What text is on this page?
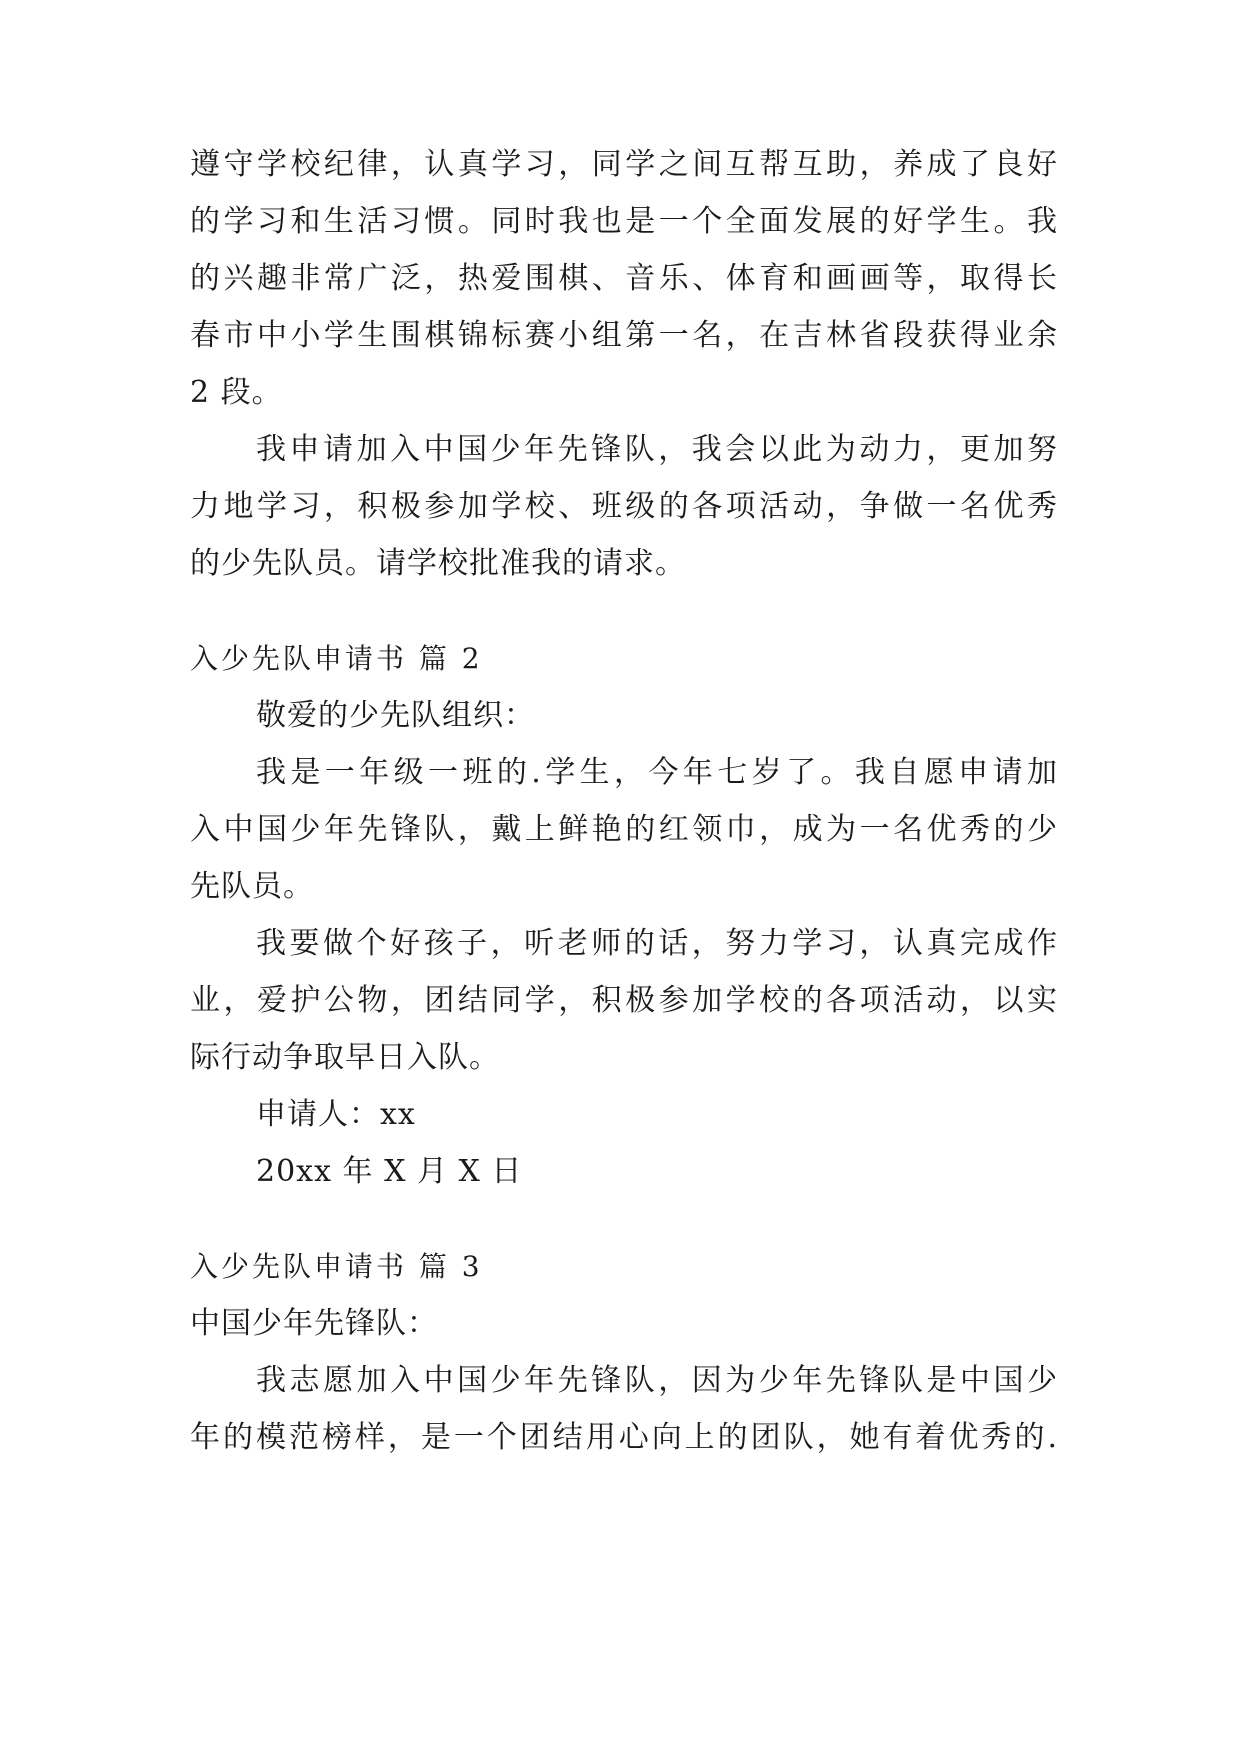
遵守学校纪律，认真学习，同学之间互帮互助，养成了良好
的学习和生活习惯。同时我也是一个全面发展的好学生。我
的兴趣非常广泛，热爱围棋、音乐、体育和画画等，取得长
春市中小学生围棋锦标赛小组第一名，在吉林省段获得业余
2 段。
我申请加入中国少年先锋队，我会以此为动力，更加努
力地学习，积极参加学校、班级的各项活动，争做一名优秀
的少先队员。请学校批准我的请求。
入少先队申请书 篇 2
敬爱的少先队组织：
我是一年级一班的.学生，今年七岁了。我自愿申请加
入中国少年先锋队，戴上鲜艳的红领巾，成为一名优秀的少
先队员。
我要做个好孩子，听老师的话，努力学习，认真完成作
业，爱护公物，团结同学，积极参加学校的各项活动，以实
际行动争取早日入队。
申请人：xx
20xx 年 X 月 X 日
入少先队申请书 篇 3
中国少年先锋队：
我志愿加入中国少年先锋队，因为少年先锋队是中国少
年的模范榜样，是一个团结用心向上的团队，她有着优秀的.
